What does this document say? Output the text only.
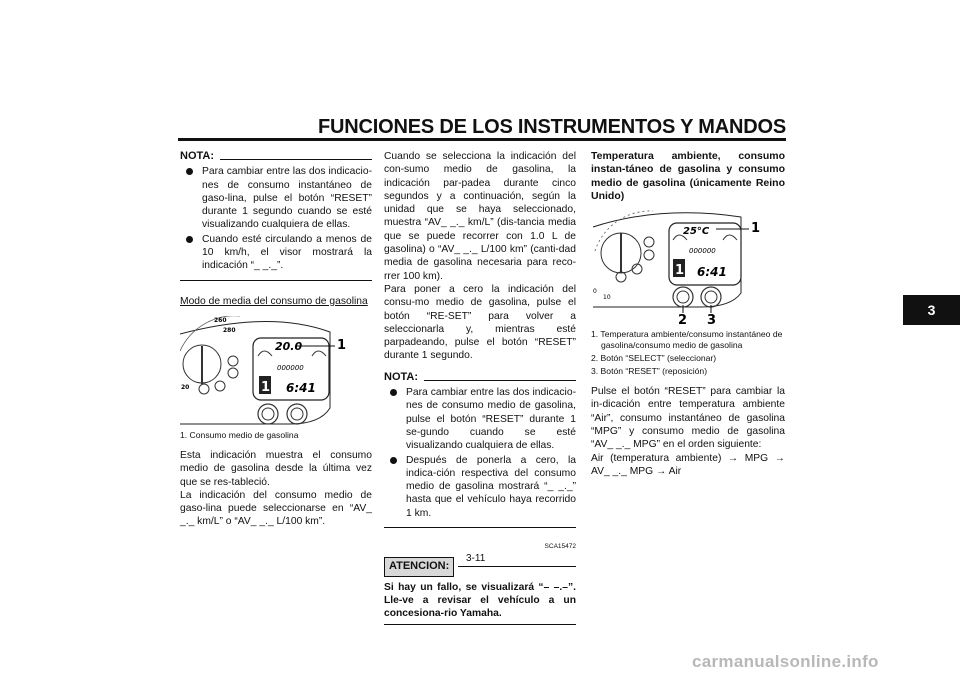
FUNCIONES DE LOS INSTRUMENTOS Y MANDOS
3
NOTA:
Para cambiar entre las dos indicacio-nes de consumo instantáneo de gaso-lina, pulse el botón “RESET” durante 1 segundo cuando se esté visualizando cualquiera de ellas.
Cuando esté circulando a menos de 10 km/h, el visor mostrará la indicación “_ _._”.
Modo de media del consumo de gasolina
260
280
20
20.0
000000
1 6:41
1
1. Consumo medio de gasolina

Esta indicación muestra el consumo medio de gasolina desde la última vez que se res-tableció.
La indicación del consumo medio de gaso-lina puede seleccionarse en “AV_ _._ km/L” o “AV_ _._ L/100 km”.

Cuando se selecciona la indicación del con-sumo medio de gasolina, la indicación par-padea durante cinco segundos y a continuación, según la unidad que se haya seleccionado, muestra “AV_ _._ km/L” (dis-tancia media que se puede recorrer con 1.0 L de gasolina) o “AV_ _._ L/100 km” (canti-dad media de gasolina necesaria para reco-rrer 100 km).
Para poner a cero la indicación del consu-mo medio de gasolina, pulse el botón “RE-SET” para volver a seleccionarla y, mientras esté parpadeando, pulse el botón “RESET” durante 1 segundo.

NOTA:
Para cambiar entre las dos indicacio-nes de consumo medio de gasolina, pulse el botón “RESET” durante 1 se-gundo cuando se esté visualizando cualquiera de ellas.
Después de ponerla a cero, la indica-ción respectiva del consumo medio de gasolina mostrará “_ _._” hasta que el vehículo haya recorrido 1 km.
SCA15472
ATENCION:
Si hay un fallo, se visualizará “– –.–”. Lle-ve a revisar el vehículo a un concesiona-rio Yamaha.
Temperatura ambiente, consumo instan-táneo de gasolina y consumo medio de gasolina (únicamente Reino Unido)
10
0
25°C
000000
1 6:41
1
2 3
1. Temperatura ambiente/consumo instantáneo de gasolina/consumo medio de gasolina
2. Botón “SELECT” (seleccionar)
3. Botón “RESET” (reposición)

Pulse el botón “RESET” para cambiar la in-dicación entre temperatura ambiente “Air”, consumo instantáneo de gasolina “MPG” y consumo medio de gasolina “AV_ _._ MPG” en el orden siguiente:
Air (temperatura ambiente) → MPG → AV_ _._ MPG → Air

3-11
carmanualsonline.info
